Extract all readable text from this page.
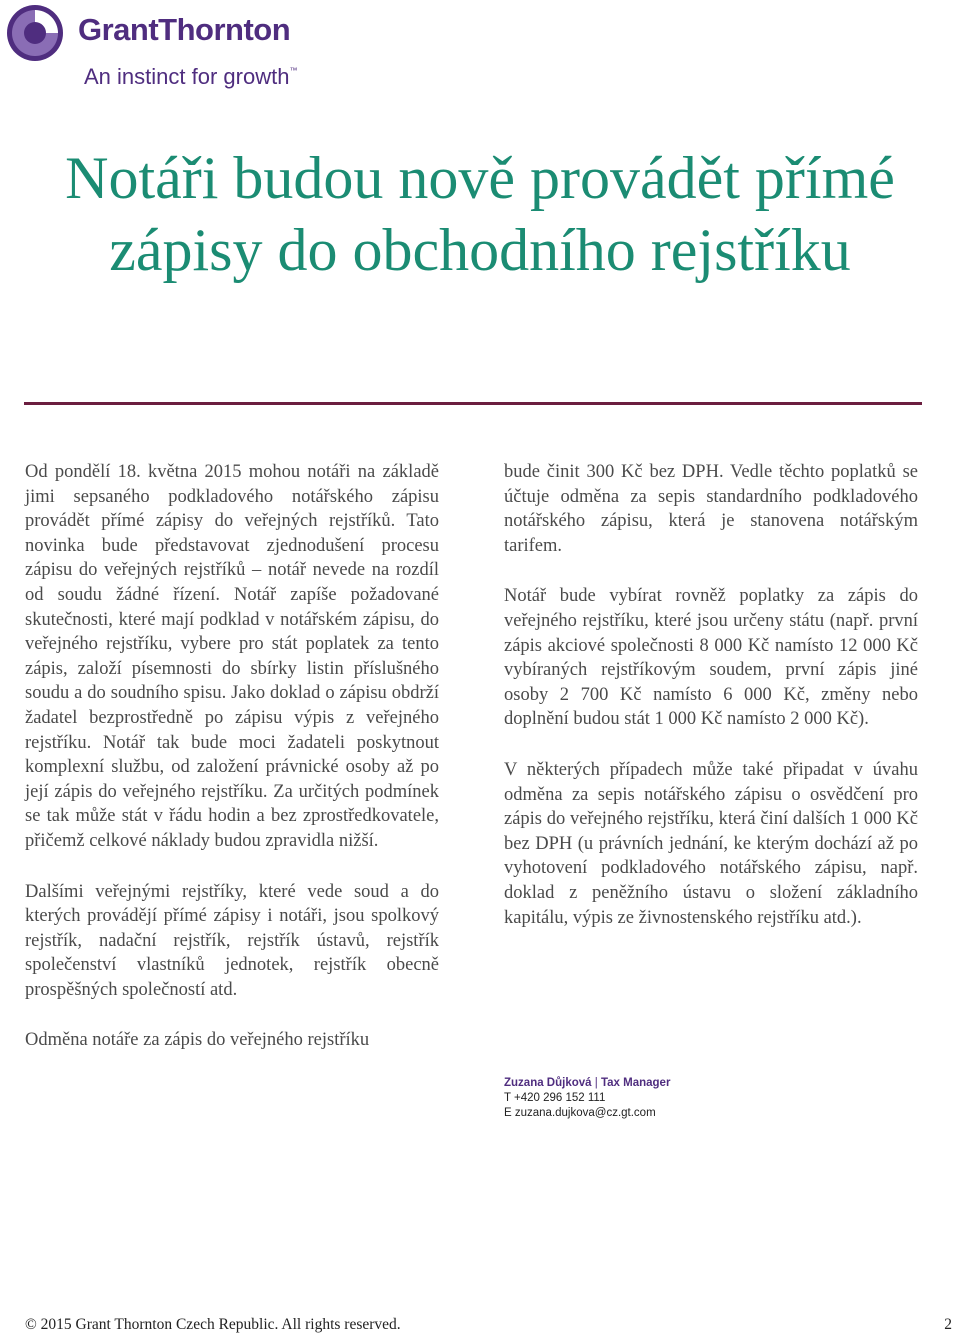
GrantThornton
An instinct for growth™
Notáři budou nově provádět přímé zápisy do obchodního rejstříku

Od pondělí 18. května 2015 mohou notáři na základě jimi sepsaného podkladového notářského zápisu provádět přímé zápisy do veřejných rejstříků. Tato novinka bude představovat zjednodušení procesu zápisu do veřejných rejstříků – notář nevede na rozdíl od soudu žádné řízení. Notář zapíše požadované skutečnosti, které mají podklad v notářském zápisu, do veřejného rejstříku, vybere pro stát poplatek za tento zápis, založí písemnosti do sbírky listin příslušného soudu a do soudního spisu. Jako doklad o zápisu obdrží žadatel bezprostředně po zápisu výpis z veřejného rejstříku. Notář tak bude moci žadateli poskytnout komplexní službu, od založení právnické osoby až po její zápis do veřejného rejstříku. Za určitých podmínek se tak může stát v řádu hodin a bez zprostředkovatele, přičemž celkové náklady budou zpravidla nižší.

Dalšími veřejnými rejstříky, které vede soud a do kterých provádějí přímé zápisy i notáři, jsou spolkový rejstřík, nadační rejstřík, rejstřík ústavů, rejstřík společenství vlastníků jednotek, rejstřík obecně prospěšných společností atd.

Odměna notáře za zápis do veřejného rejstříku

bude činit 300 Kč bez DPH. Vedle těchto poplatků se účtuje odměna za sepis standardního podkladového notářského zápisu, která je stanovena notářským tarifem.

Notář bude vybírat rovněž poplatky za zápis do veřejného rejstříku, které jsou určeny státu (např. první zápis akciové společnosti 8 000 Kč namísto 12 000 Kč vybíraných rejstříkovým soudem, první zápis jiné osoby 2 700 Kč namísto 6 000 Kč, změny nebo doplnění budou stát 1 000 Kč namísto 2 000 Kč).

V některých případech může také připadat v úvahu odměna za sepis notářského zápisu o osvědčení pro zápis do veřejného rejstříku, která činí dalších 1 000 Kč bez DPH (u právních jednání, ke kterým dochází až po vyhotovení podkladového notářského zápisu, např. doklad z peněžního ústavu o složení základního kapitálu, výpis ze živnostenského rejstříku atd.).

Zuzana Důjková | Tax Manager
T +420 296 152 111
E zuzana.dujkova@cz.gt.com
© 2015 Grant Thornton Czech Republic. All rights reserved.	2
